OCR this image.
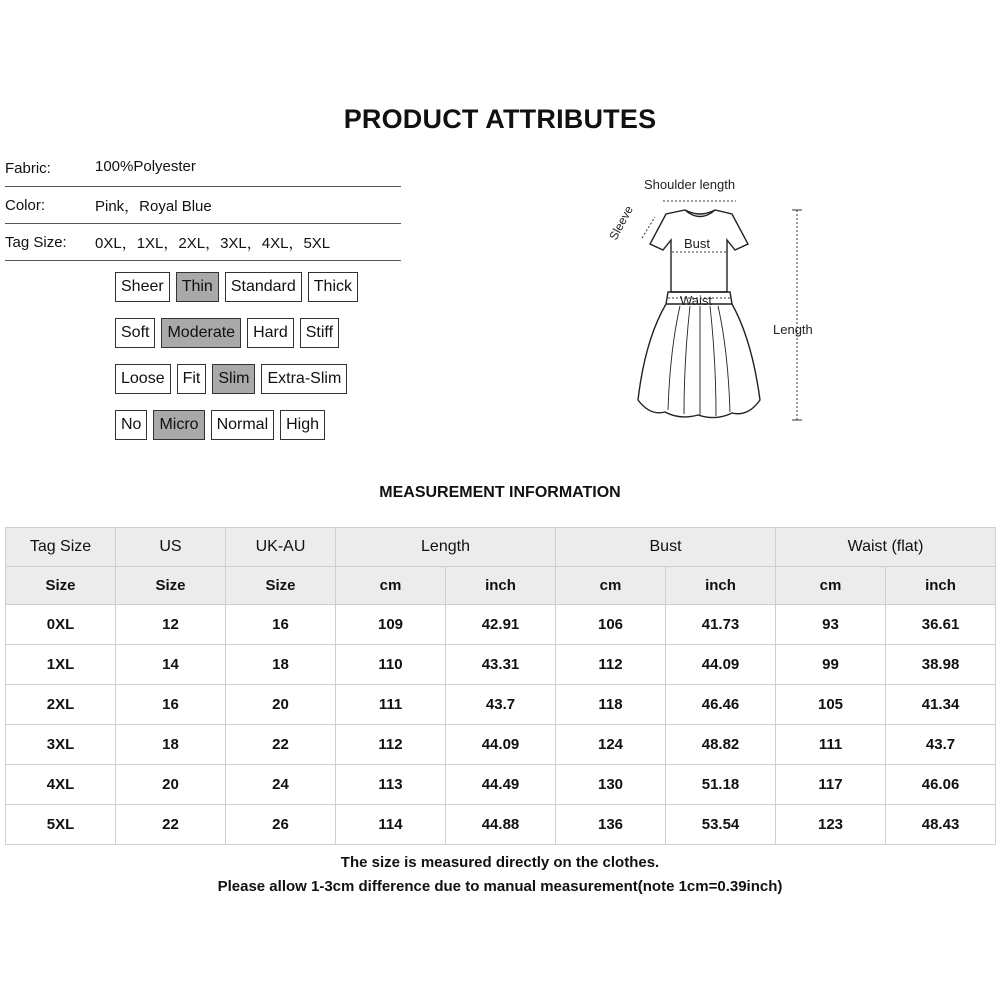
PRODUCT ATTRIBUTES
Fabric:	100%Polyester
Color:	Pink，Royal Blue
Tag Size: 0XL，1XL，2XL，3XL，4XL，5XL
Sheer	Thin	Standard	Thick
Soft	Moderate	Hard	Stiff
Loose	Fit	Slim	Extra-Slim
No	Micro	Normal	High
Shoulder length
Sleeve
Bust
Waist
Length
MEASUREMENT INFORMATION
Tag Size	US	UK-AU	Length		Bust		Waist (flat)	
Size	Size	Size	cm	inch	cm	inch	cm	inch
0XL	12	16	109	42.91	106	41.73	93	36.61
1XL	14	18	110	43.31	112	44.09	99	38.98
2XL	16	20	111	43.7	118	46.46	105	41.34
3XL	18	22	112	44.09	124	48.82	111	43.7
4XL	20	24	113	44.49	130	51.18	117	46.06
5XL	22	26	114	44.88	136	53.54	123	48.43
The size is measured directly on the clothes.
Please allow 1-3cm difference due to manual measurement(note 1cm=0.39inch)
